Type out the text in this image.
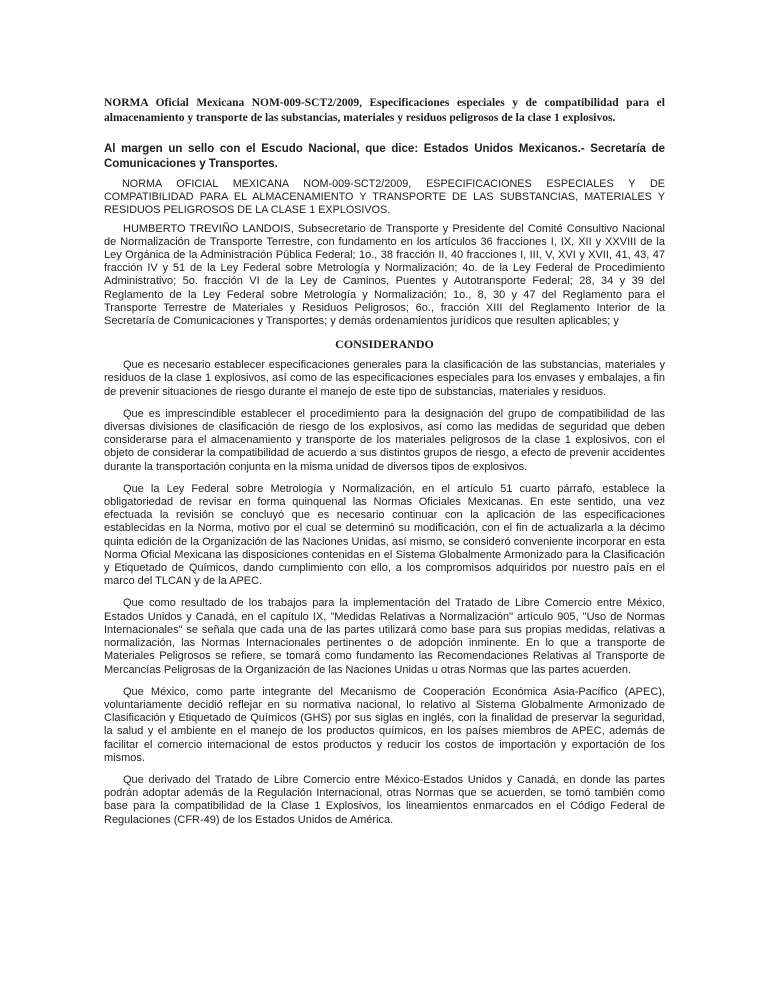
NORMA Oficial Mexicana NOM-009-SCT2/2009, Especificaciones especiales y de compatibilidad para el almacenamiento y transporte de las substancias, materiales y residuos peligrosos de la clase 1 explosivos.

Al margen un sello con el Escudo Nacional, que dice: Estados Unidos Mexicanos.- Secretaría de Comunicaciones y Transportes.

NORMA OFICIAL MEXICANA NOM-009-SCT2/2009, ESPECIFICACIONES ESPECIALES Y DE COMPATIBILIDAD PARA EL ALMACENAMIENTO Y TRANSPORTE DE LAS SUBSTANCIAS, MATERIALES Y RESIDUOS PELIGROSOS DE LA CLASE 1 EXPLOSIVOS.

HUMBERTO TREVIÑO LANDOIS, Subsecretario de Transporte y Presidente del Comité Consultivo Nacional de Normalización de Transporte Terrestre, con fundamento en los artículos 36 fracciones I, IX, XII y XXVIII de la Ley Orgánica de la Administración Pública Federal; 1o., 38 fracción II, 40 fracciones I, III, V, XVI y XVII, 41, 43, 47 fracción IV y 51 de la Ley Federal sobre Metrología y Normalización; 4o. de la Ley Federal de Procedimiento Administrativo; 5o. fracción VI de la Ley de Caminos, Puentes y Autotransporte Federal; 28, 34 y 39 del Reglamento de la Ley Federal sobre Metrología y Normalización; 1o., 8, 30 y 47 del Reglamento para el Transporte Terrestre de Materiales y Residuos Peligrosos; 6o., fracción XIII del Reglamento Interior de la Secretaría de Comunicaciones y Transportes; y demás ordenamientos jurídicos que resulten aplicables; y

CONSIDERANDO

Que es necesario establecer especificaciones generales para la clasificación de las substancias, materiales y residuos de la clase 1 explosivos, así como de las especificaciones especiales para los envases y embalajes, a fin de prevenir situaciones de riesgo durante el manejo de este tipo de substancias, materiales y residuos.

Que es imprescindible establecer el procedimiento para la designación del grupo de compatibilidad de las diversas divisiones de clasificación de riesgo de los explosivos, así como las medidas de seguridad que deben considerarse para el almacenamiento y transporte de los materiales peligrosos de la clase 1 explosivos, con el objeto de considerar la compatibilidad de acuerdo a sus distintos grupos de riesgo, a efecto de prevenir accidentes durante la transportación conjunta en la misma unidad de diversos tipos de explosivos.

Que la Ley Federal sobre Metrología y Normalización, en el artículo 51 cuarto párrafo, establece la obligatoriedad de revisar en forma quinquenal las Normas Oficiales Mexicanas. En este sentido, una vez efectuada la revisión se concluyó que es necesario continuar con la aplicación de las especificaciones establecidas en la Norma, motivo por el cual se determinó su modificación, con el fin de actualizarla a la décimo quinta edición de la Organización de las Naciones Unidas, así mismo, se consideró conveniente incorporar en esta Norma Oficial Mexicana las disposiciones contenidas en el Sistema Globalmente Armonizado para la Clasificación y Etiquetado de Químicos, dando cumplimiento con ello, a los compromisos adquiridos por nuestro país en el marco del TLCAN y de la APEC.

Que como resultado de los trabajos para la implementación del Tratado de Libre Comercio entre México, Estados Unidos y Canadá, en el capítulo IX, "Medidas Relativas a Normalización" artículo 905, "Uso de Normas Internacionales" se señala que cada una de las partes utilizará como base para sus propias medidas, relativas a normalización, las Normas Internacionales pertinentes o de adopción inminente. En lo que a transporte de Materiales Peligrosos se refiere, se tomará como fundamento las Recomendaciones Relativas al Transporte de Mercancías Peligrosas de la Organización de las Naciones Unidas u otras Normas que las partes acuerden.

Que México, como parte integrante del Mecanismo de Cooperación Económica Asia-Pacífico (APEC), voluntariamente decidió reflejar en su normativa nacional, lo relativo al Sistema Globalmente Armonizado de Clasificación y Etiquetado de Químicos (GHS) por sus siglas en inglés, con la finalidad de preservar la seguridad, la salud y el ambiente en el manejo de los productos químicos, en los países miembros de APEC, además de facilitar el comercio internacional de estos productos y reducir los costos de importación y exportación de los mismos.

Que derivado del Tratado de Libre Comercio entre México-Estados Unidos y Canadá, en donde las partes podrán adoptar además de la Regulación Internacional, otras Normas que se acuerden, se tomó también como base para la compatibilidad de la Clase 1 Explosivos, los lineamientos enmarcados en el Código Federal de Regulaciones (CFR-49) de los Estados Unidos de América.
